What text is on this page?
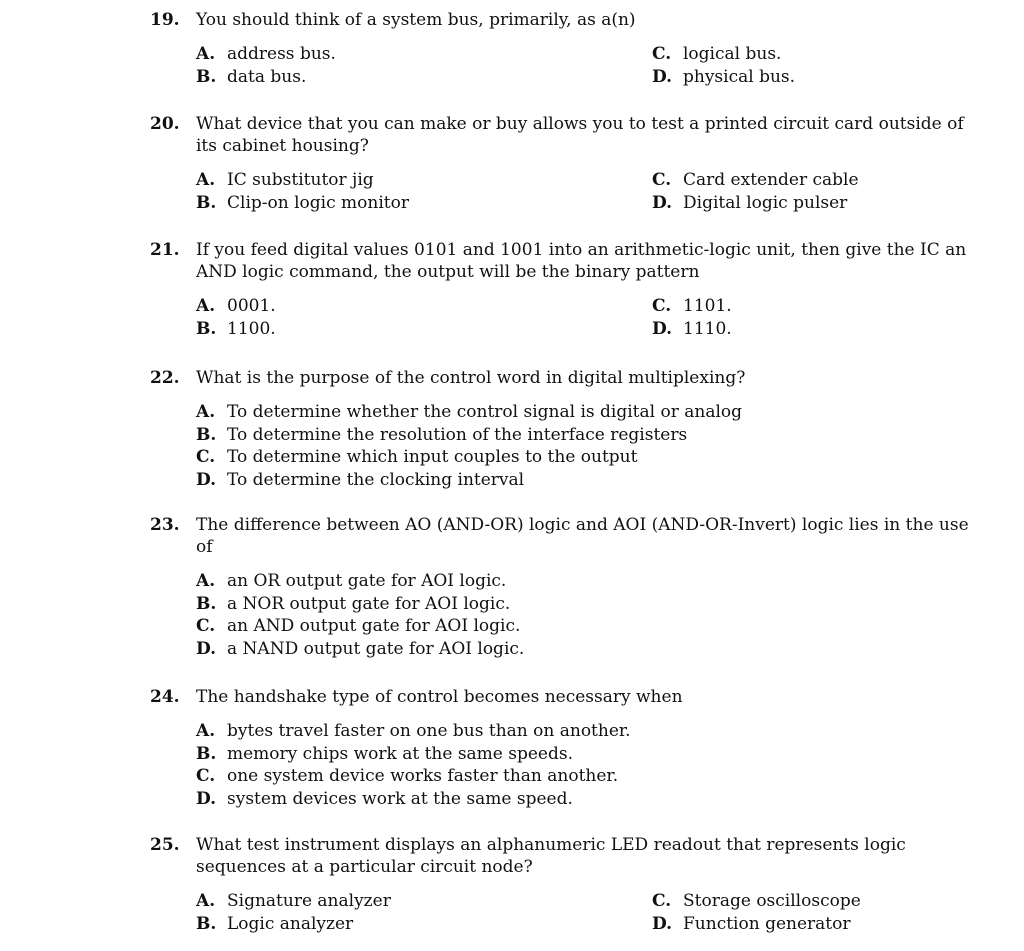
19. You should think of a system bus, primarily, as a(n)
A. address bus.	C. logical bus.
B. data bus.	D. physical bus.
20. What device that you can make or buy allows you to test a printed circuit card outside of its cabinet housing?
A. IC substitutor jig	C. Card extender cable
B. Clip-on logic monitor	D. Digital logic pulser
21. If you feed digital values 0101 and 1001 into an arithmetic-logic unit, then give the IC an AND logic command, the output will be the binary pattern
A. 0001.	C. 1101.
B. 1100.	D. 1110.
22. What is the purpose of the control word in digital multiplexing?
A. To determine whether the control signal is digital or analog
B. To determine the resolution of the interface registers
C. To determine which input couples to the output
D. To determine the clocking interval
23. The difference between AO (AND-OR) logic and AOI (AND-OR-Invert) logic lies in the use of
A. an OR output gate for AOI logic.
B. a NOR output gate for AOI logic.
C. an AND output gate for AOI logic.
D. a NAND output gate for AOI logic.
24. The handshake type of control becomes necessary when
A. bytes travel faster on one bus than on another.
B. memory chips work at the same speeds.
C. one system device works faster than another.
D. system devices work at the same speed.
25. What test instrument displays an alphanumeric LED readout that represents logic sequences at a particular circuit node?
A. Signature analyzer	C. Storage oscilloscope
B. Logic analyzer	D. Function generator
